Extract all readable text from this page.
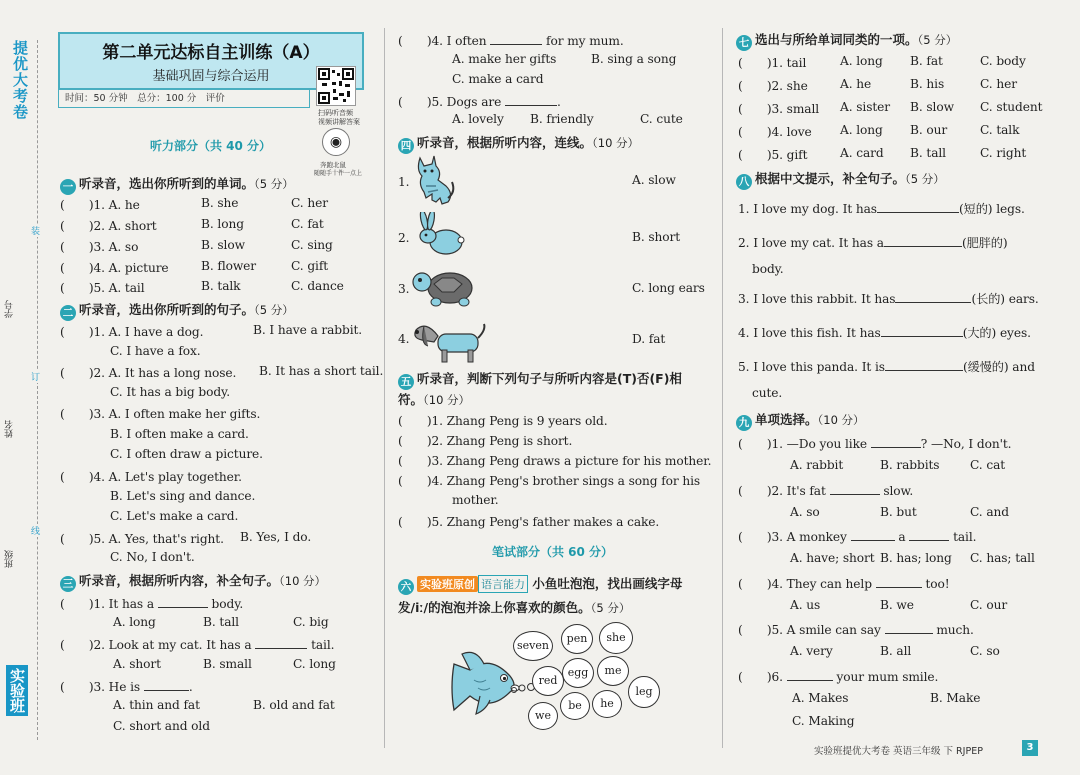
提优大考卷
实验班
学号
姓名
班级
装
订
线
第二单元达标自主训练（A）
基础巩固与综合运用
时间：50 分钟　总分：100 分　评价
扫码听音频
视频讲解答案
◉
奔跑北鼠
随随手十件一点上
听力部分（共 40 分）
一 听录音，选出你所听到的单词。（5 分）
(　　)1. A. he	B. she	C. her
(　　)2. A. short	B. long	C. fat
(　　)3. A. so	B. slow	C. sing
(　　)4. A. picture	B. flower	C. gift
(　　)5. A. tail	B. talk	C. dance
二 听录音，选出你所听到的句子。（5 分）
(　　)1. A. I have a dog.	B. I have a rabbit.
C. I have a fox.
(　　)2. A. It has a long nose. B. It has a short tail.
C. It has a big body.
(　　)3. A. I often make her gifts.
B. I often make a card.
C. I often draw a picture.
(　　)4. A. Let's play together.
B. Let's sing and dance.
C. Let's make a card.
(　　)5. A. Yes, that's right. B. Yes, I do.
C. No, I don't.
三 听录音，根据所听内容，补全句子。（10 分）
(　　)1. It has a	body.
A. long	B. tall	C. big
(　　)2. Look at my cat. It has a	tail.
A. short	B. small	C. long
(　　)3. He is	.
A. thin and fat	B. old and fat
C. short and old
(　　)4. I often	for my mum.
A. make her gifts	B. sing a song
C. make a card
(　　)5. Dogs are	.
A. lovely B. friendly	C. cute
四 听录音，根据所听内容，连线。（10 分）
1.
2.
3.
4.
A. slow
B. short
C. long ears
D. fat
五 听录音，判断下列句子与所听内容是(T)否(F)相
符。（10 分）
(　　)1. Zhang Peng is 9 years old.
(　　)2. Zhang Peng is short.
(　　)3. Zhang Peng draws a picture for his mother.
(　　)4. Zhang Peng's brother sings a song for his
mother.
(　　)5. Zhang Peng's father makes a cake.
笔试部分（共 60 分）
六 实验班原创 语言能力 小鱼吐泡泡，找出画线字母
发/iː/的泡泡并涂上你喜欢的颜色。（5 分）
seven
pen	she
egg	me
red
leg
we
be	he
七 选出与所给单词同类的一项。（5 分）
(　　)1. tail	A. long B. fat	C. body
(　　)2. she	A. he	B. his	C. her
(　　)3. small A. sister B. slow C. student
(　　)4. love A. long B. our	C. talk
(　　)5. gift	A. card B. tall	C. right
八 根据中文提示，补全句子。（5 分）
1. I love my dog. It has	(短的) legs.
2. I love my cat. It has a	(肥胖的)
body.
3. I love this rabbit. It has	(长的) ears.
4. I love this fish. It has	(大的) eyes.
5. I love this panda. It is	(缓慢的) and
cute.
九 单项选择。（10 分）
(　　)1. —Do you like	? —No, I don't.
A. rabbit	B. rabbits	C. cat
(　　)2. It's fat	slow.
A. so	B. but	C. and
(　　)3. A monkey	a	tail.
A. have; short B. has; long C. has; tall
(　　)4. They can help	too!
A. us	B. we	C. our
(　　)5. A smile can say	much.
A. very	B. all	C. so
(　　)6.	your mum smile.
A. Makes	B. Make
C. Making
实验班提优大考卷 英语三年级 下 RJPEP	3
